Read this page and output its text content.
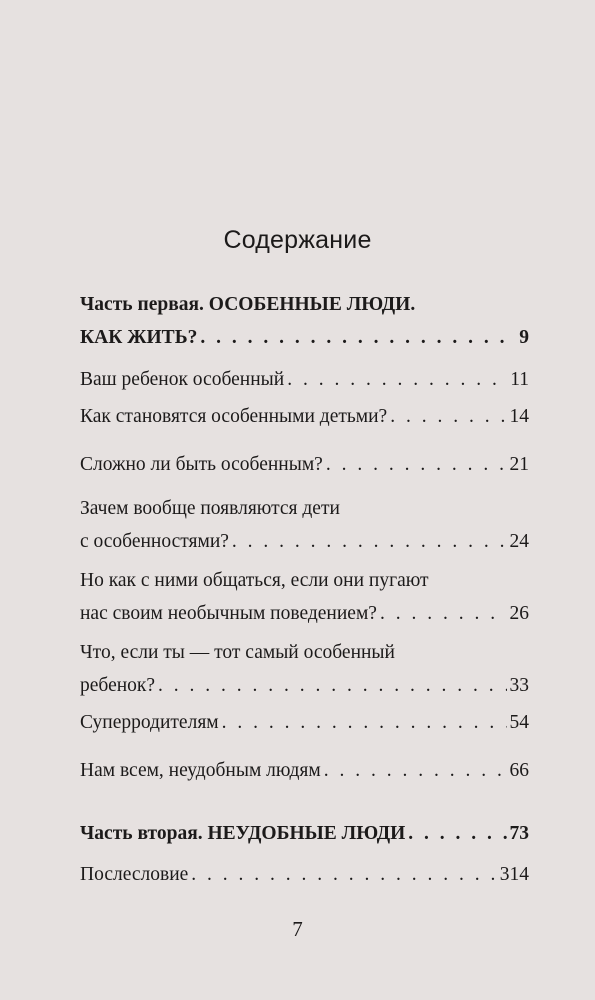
Содержание
Часть первая. ОСОБЕННЫЕ ЛЮДИ.
КАК ЖИТЬ? . . .	9
Ваш ребенок особенный . . .	11
Как становятся особенными детьми? . . .	14
Сложно ли быть особенным? . . .	21
Зачем вообще появляются дети
с особенностями? . . .	24
Но как с ними общаться, если они пугают
нас своим необычным поведением? . . .	26
Что, если ты — тот самый особенный
ребенок? . . .	33
Суперродителям . . .	54
Нам всем, неудобным людям . . .	66
Часть вторая. НЕУДОБНЫЕ ЛЮДИ . . .	73
Послесловие . . .	314
7
